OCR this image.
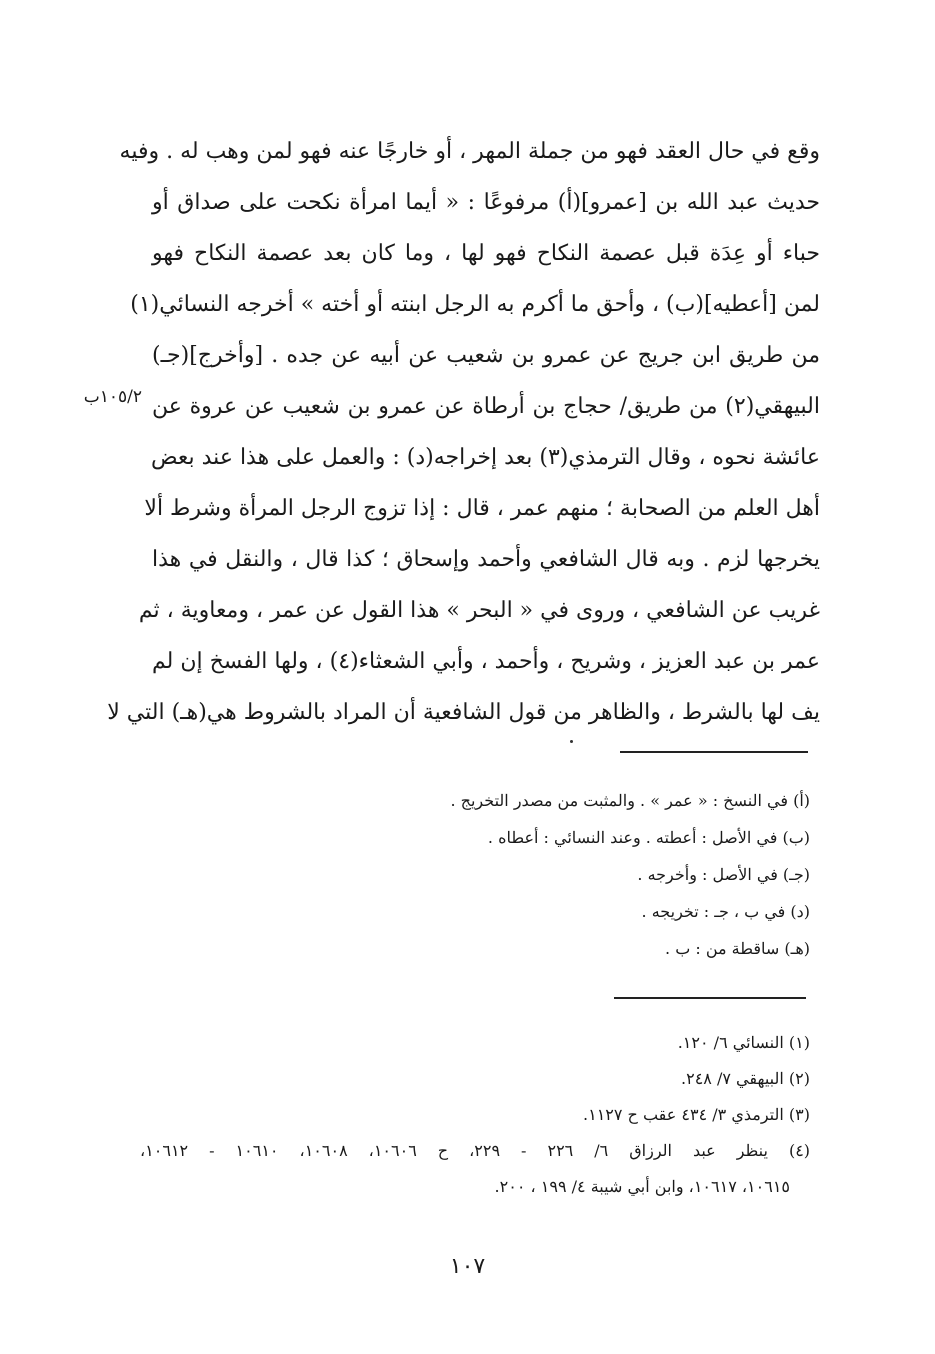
وقع في حال العقد فهو من جملة المهر ، أو خارجًا عنه فهو لمن وهب له . وفيه
حديث عبد الله بن [عمرو](أ) مرفوعًا : « أيما امرأة نكحت على صداق أو
حباء أو عِدَة قبل عصمة النكاح فهو لها ، وما كان بعد عصمة النكاح فهو
لمن [أعطيه](ب) ، وأحق ما أكرم به الرجل ابنته أو أخته » أخرجه النسائي(١)
من طريق ابن جريج عن عمرو بن شعيب عن أبيه عن جده . [وأخرج](جـ)
البيهقي(٢) من طريق/ حجاج بن أرطاة عن عمرو بن شعيب عن عروة عن
عائشة نحوه ، وقال الترمذي(٣) بعد إخراجه(د) : والعمل على هذا عند بعض
أهل العلم من الصحابة ؛ منهم عمر ، قال : إذا تزوج الرجل المرأة وشرط ألا
يخرجها لزم . وبه قال الشافعي وأحمد وإسحاق ؛ كذا قال ، والنقل في هذا
غريب عن الشافعي ، وروى في « البحر » هذا القول عن عمر ، ومعاوية ، ثم
عمر بن عبد العزيز ، وشريح ، وأحمد ، وأبي الشعثاء(٤) ، ولها الفسخ إن لم
يف لها بالشرط ، والظاهر من قول الشافعية أن المراد بالشروط هي(هـ) التي لا
١٠٥/٢ب
(أ) في النسخ : « عمر » . والمثبت من مصدر التخريج .
(ب) في الأصل : أعطته . وعند النسائي : أعطاه .
(جـ) في الأصل : وأخرجه .
(د) في ب ، جـ : تخريجه .
(هـ) ساقطة من : ب .
(١) النسائي ٦/ ١٢٠.
(٢) البيهقي ٧/ ٢٤٨.
(٣) الترمذي ٣/ ٤٣٤ عقب ح ١١٢٧.
(٤) ينظر عبد الرزاق ٦/ ٢٢٦ - ٢٢٩، ح ١٠٦٠٦، ١٠٦٠٨، ١٠٦١٠ - ١٠٦١٢،
١٠٦١٥، ١٠٦١٧، وابن أبي شيبة ٤/ ١٩٩ ، ٢٠٠.
١٠٧
